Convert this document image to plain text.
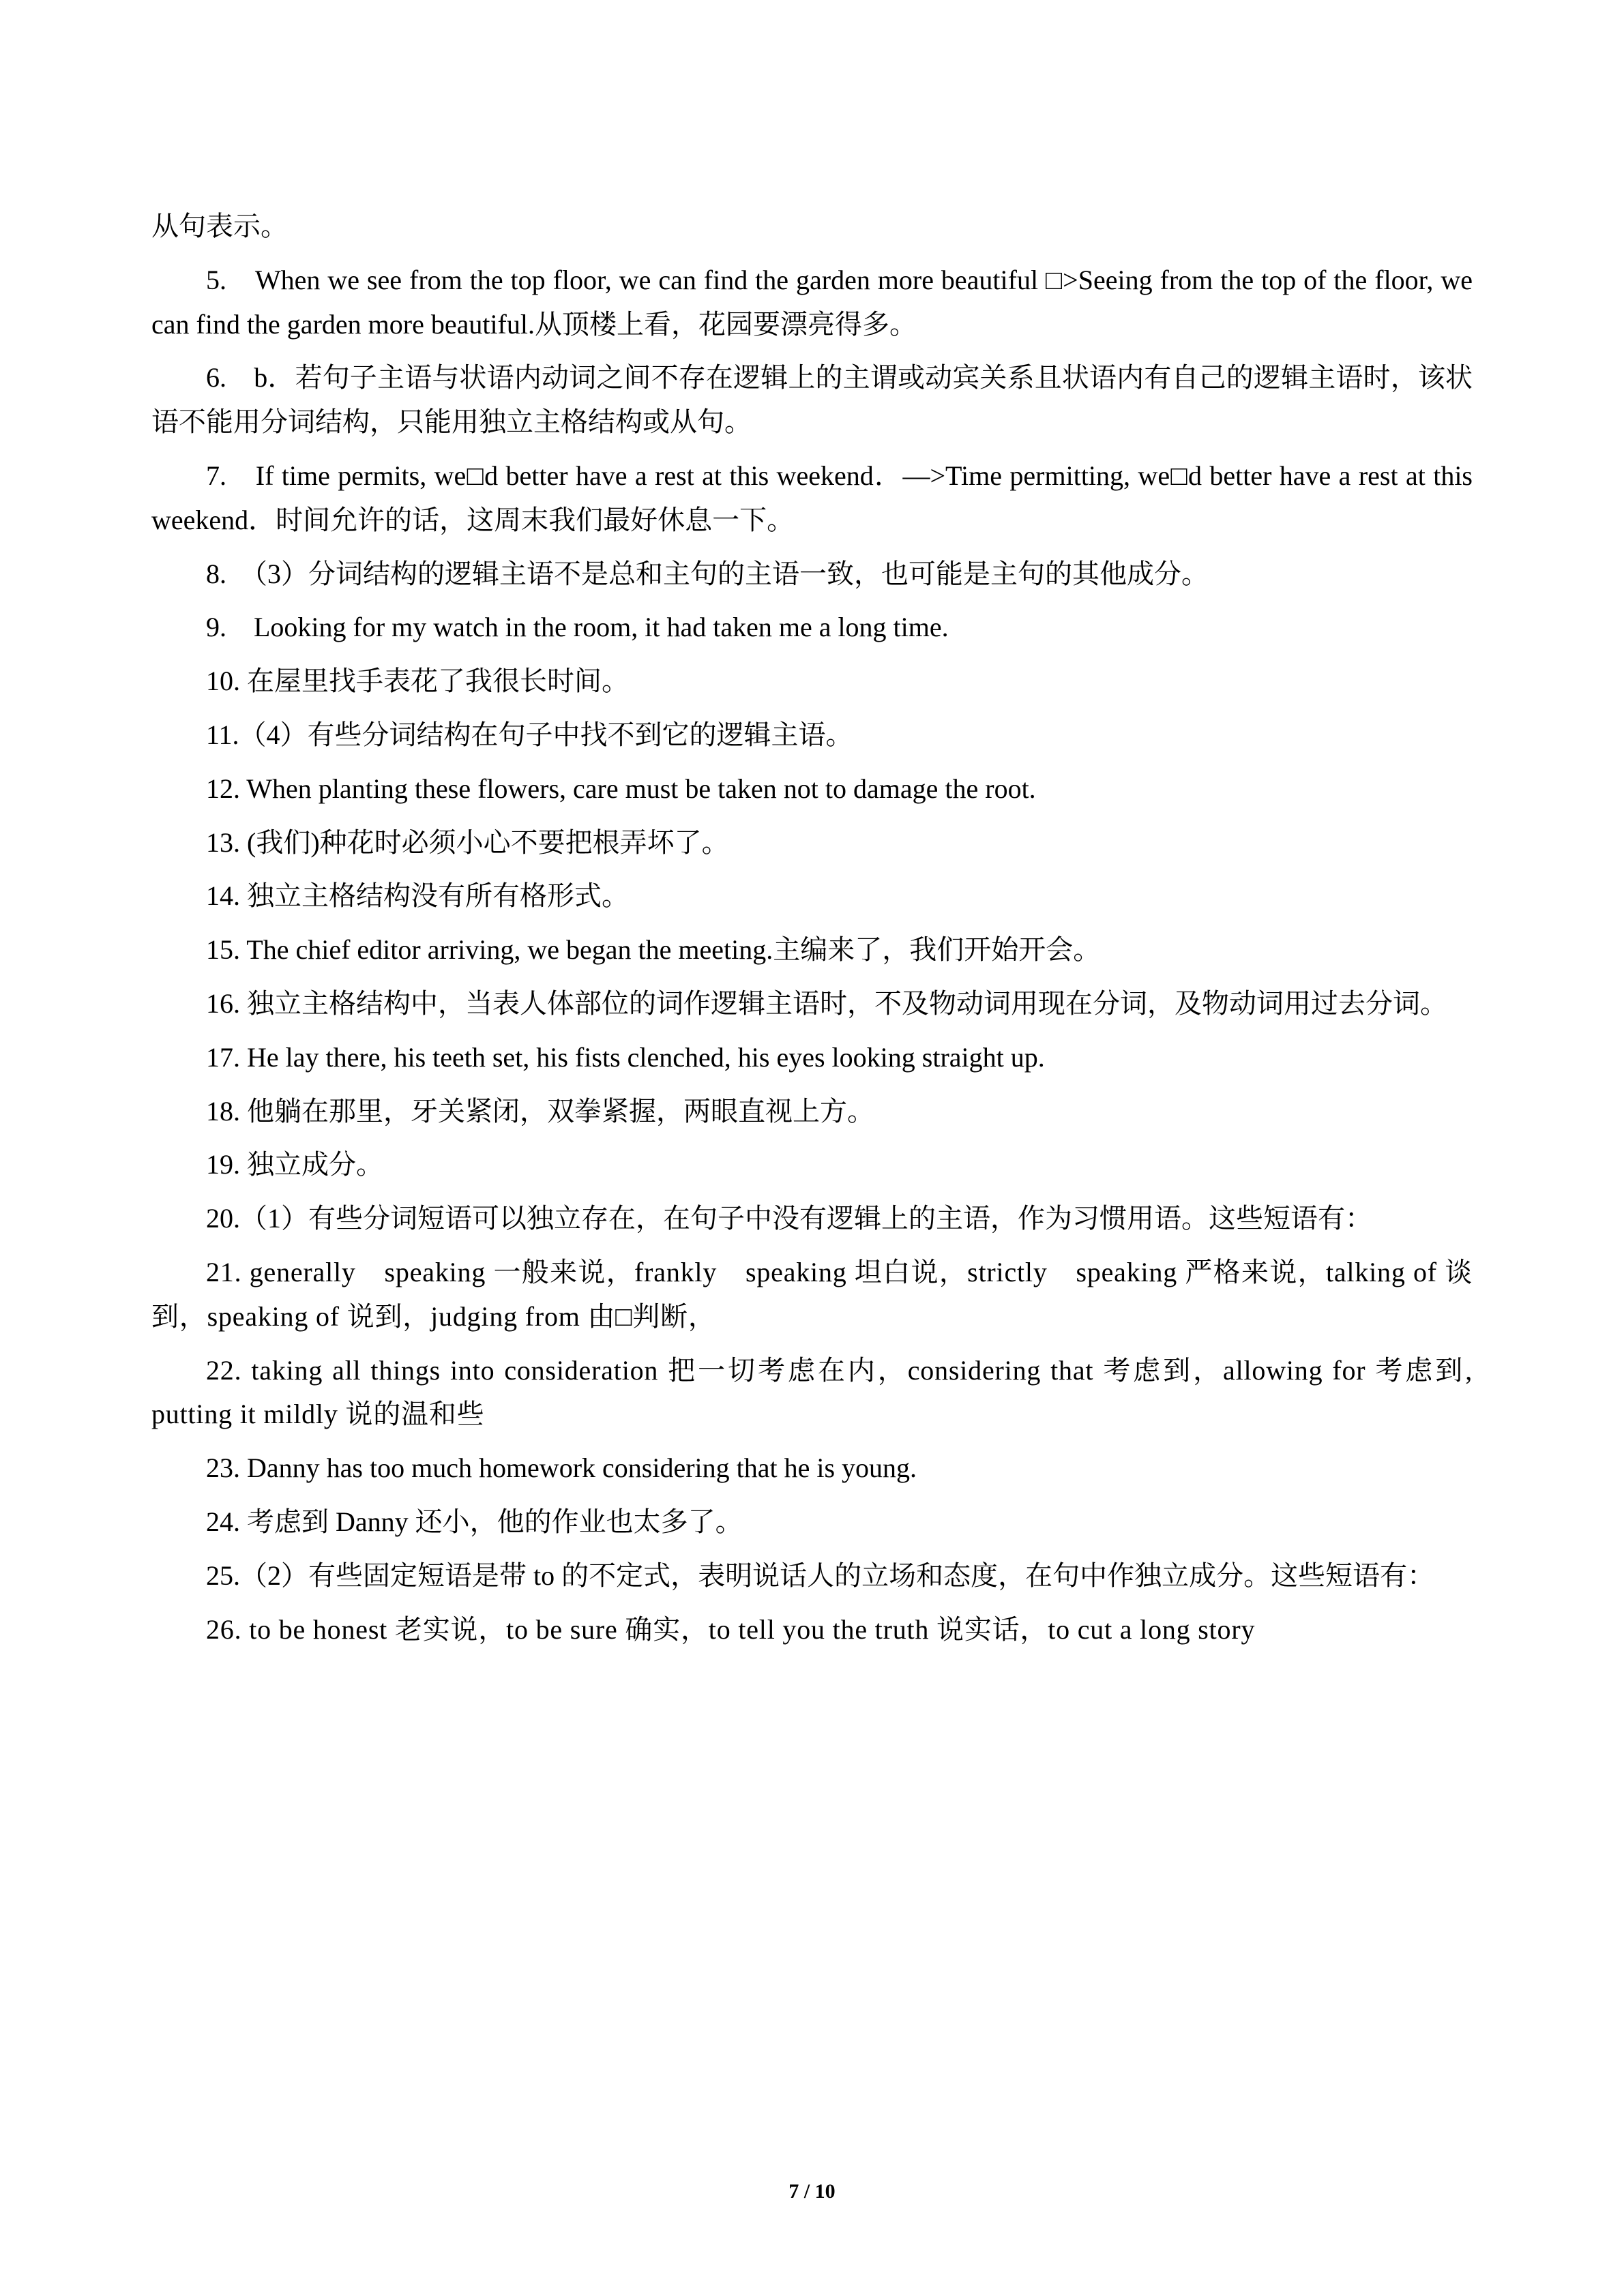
从句表示。

5.　When we see from the top floor, we can find the garden more beautiful □>Seeing from the top of the floor, we can find the garden more beautiful.从顶楼上看，花园要漂亮得多。

6.　b．若句子主语与状语内动词之间不存在逻辑上的主谓或动宾关系且状语内有自己的逻辑主语时，该状语不能用分词结构，只能用独立主格结构或从句。

7.　If time permits, we□d better have a rest at this weekend．—>Time permitting, we□d better have a rest at this weekend．时间允许的话，这周末我们最好休息一下。

8.　（3）分词结构的逻辑主语不是总和主句的主语一致，也可能是主句的其他成分。

9.　Looking for my watch in the room, it had taken me a long time.

10. 在屋里找手表花了我很长时间。

11.（4）有些分词结构在句子中找不到它的逻辑主语。

12. When planting these flowers, care must be taken not to damage the root.

13. (我们)种花时必须小心不要把根弄坏了。

14. 独立主格结构没有所有格形式。

15. The chief editor arriving, we began the meeting.主编来了，我们开始开会。

16. 独立主格结构中，当表人体部位的词作逻辑主语时，不及物动词用现在分词，及物动词用过去分词。

17. He lay there, his teeth set, his fists clenched, his eyes looking straight up.

18. 他躺在那里，牙关紧闭，双拳紧握，两眼直视上方。

19. 独立成分。

20.（1）有些分词短语可以独立存在，在句子中没有逻辑上的主语，作为习惯用语。这些短语有：

21. generally　speaking 一般来说，frankly　speaking 坦白说，strictly　speaking 严格来说，talking of 谈到，speaking of 说到，judging from 由□判断，

22. taking all things into consideration 把一切考虑在内，considering that 考虑到，allowing for 考虑到, putting it mildly 说的温和些

23. Danny has too much homework considering that he is young.

24. 考虑到 Danny 还小，他的作业也太多了。

25.（2）有些固定短语是带 to 的不定式，表明说话人的立场和态度，在句中作独立成分。这些短语有：

26. to be honest 老实说，to be sure 确实，to tell you the truth 说实话，to cut a long story

7 / 10
